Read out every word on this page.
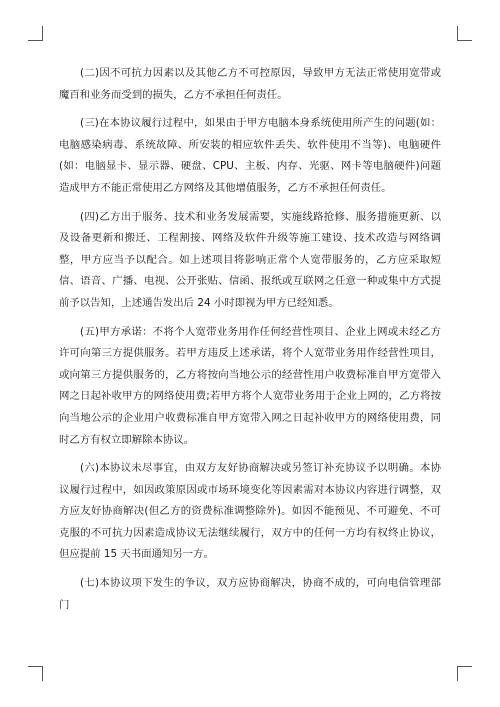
(二)因不可抗力因素以及其他乙方不可控原因，导致甲方无法正常使用宽带或魔百和业务而受到的损失，乙方不承担任何责任。

(三)在本协议履行过程中，如果由于甲方电脑本身系统使用所产生的问题(如：电脑感染病毒、系统故障、所安装的相应软件丢失、软件使用不当等)、电脑硬件(如：电脑显卡、显示器、硬盘、CPU、主板、内存、光驱、网卡等电脑硬件)问题造成甲方不能正常使用乙方网络及其他增值服务，乙方不承担任何责任。

(四)乙方出于服务、技术和业务发展需要，实施线路抢修、服务措施更新、以及设备更新和搬迁、工程割接、网络及软件升级等施工建设、技术改造与网络调整，甲方应当予以配合。如上述项目将影响正常个人宽带服务的，乙方应采取短信、语音、广播、电视、公开张贴、信函、报纸或互联网之任意一种或集中方式提前予以告知，上述通告发出后 24 小时即视为甲方已经知悉。

(五)甲方承诺：不将个人宽带业务用作任何经营性项目、企业上网或未经乙方许可向第三方提供服务。若甲方违反上述承诺，将个人宽带业务用作经营性项目，或向第三方提供服务的，乙方将按向当地公示的经营性用户收费标准自甲方宽带入网之日起补收甲方的网络使用费;若甲方将个人宽带业务用于企业上网的，乙方将按向当地公示的企业用户收费标准自甲方宽带入网之日起补收甲方的网络使用费，同时乙方有权立即解除本协议。

(六)本协议未尽事宜，由双方友好协商解决或另签订补充协议予以明确。本协议履行过程中，如因政策原因或市场环境变化等因素需对本协议内容进行调整，双方应友好协商解决(但乙方的资费标准调整除外)。如因不能预见、不可避免、不可克服的不可抗力因素造成协议无法继续履行，双方中的任何一方均有权终止协议，但应提前 15 天书面通知另一方。

(七)本协议项下发生的争议，双方应协商解决，协商不成的，可向电信管理部门
